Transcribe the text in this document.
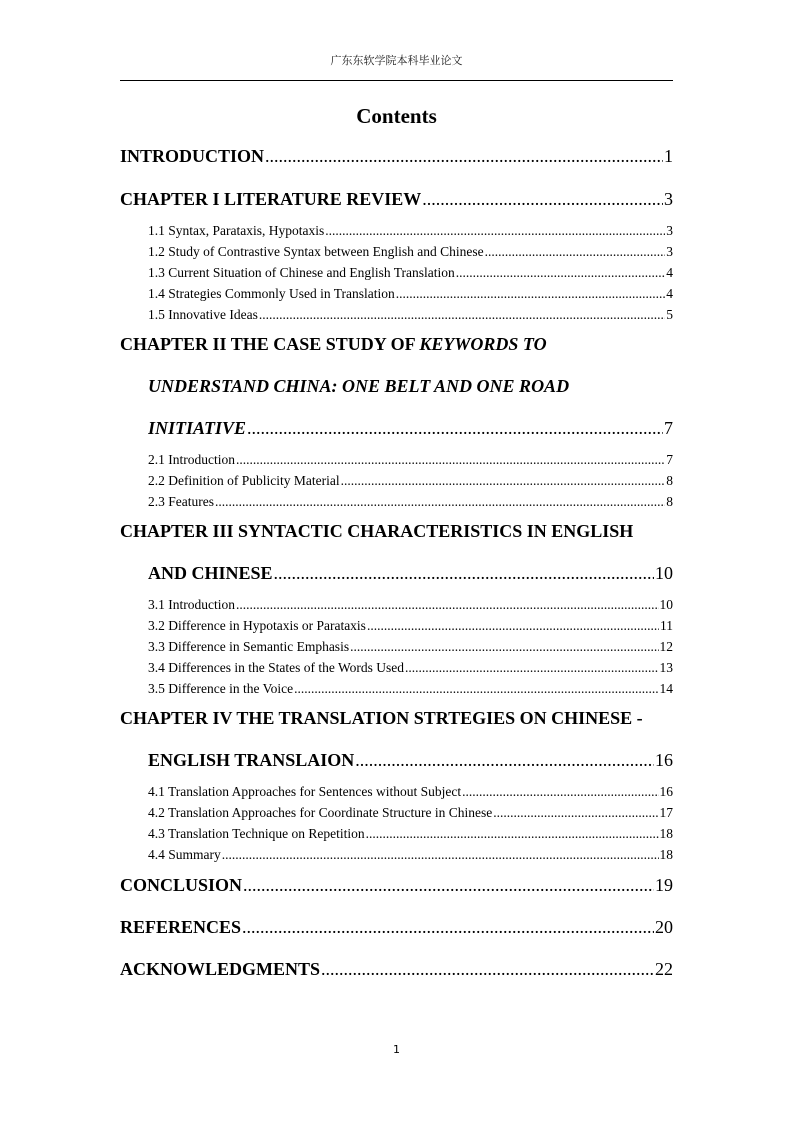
广东东软学院本科毕业论文
Contents
INTRODUCTION .....	1
CHAPTER I LITERATURE REVIEW .....	3
1.1 Syntax, Parataxis, Hypotaxis .....	3
1.2 Study of Contrastive Syntax between English and Chinese .....	3
1.3 Current Situation of Chinese and English Translation .....	4
1.4 Strategies Commonly Used in Translation .....	4
1.5 Innovative Ideas .....	5
CHAPTER II THE CASE STUDY OF KEYWORDS TO
UNDERSTAND CHINA: ONE BELT AND ONE ROAD
INITIATIVE .....	7
2.1 Introduction .....	7
2.2 Definition of Publicity Material .....	8
2.3 Features .....	8
CHAPTER III SYNTACTIC CHARACTERISTICS IN ENGLISH
AND CHINESE .....	10
3.1 Introduction .....	10
3.2 Difference in Hypotaxis or Parataxis .....	11
3.3 Difference in Semantic Emphasis .....	12
3.4 Differences in the States of the Words Used .....	13
3.5 Difference in the Voice .....	14
CHAPTER IV THE TRANSLATION STRTEGIES ON CHINESE -
ENGLISH TRANSLAION .....	16
4.1 Translation Approaches for Sentences without Subject .....	16
4.2 Translation Approaches for Coordinate Structure in Chinese .....	17
4.3 Translation Technique on Repetition .....	18
4.4 Summary .....	18
CONCLUSION .....	19
REFERENCES .....	20
ACKNOWLEDGMENTS .....	22
1
